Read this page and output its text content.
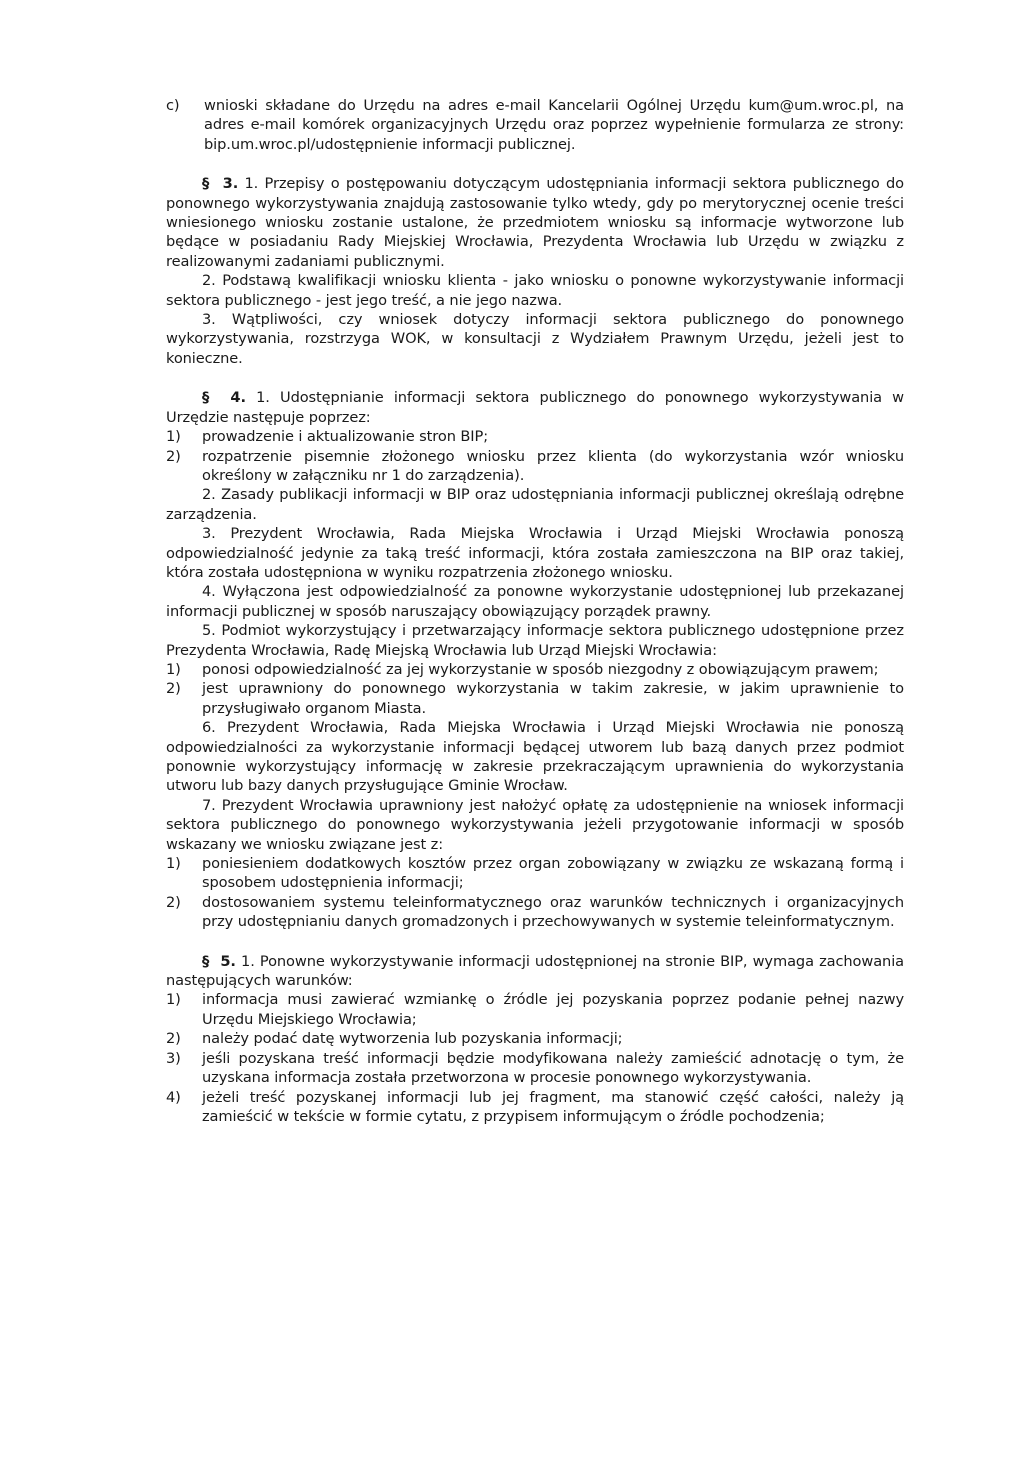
c) wnioski składane do Urzędu na adres e-mail Kancelarii Ogólnej Urzędu kum@um.wroc.pl, na adres e-mail komórek organizacyjnych Urzędu oraz poprzez wypełnienie formularza ze strony: bip.um.wroc.pl/udostępnienie informacji publicznej.

§ 3. 1. Przepisy o postępowaniu dotyczącym udostępniania informacji sektora publicznego do ponownego wykorzystywania znajdują zastosowanie tylko wtedy, gdy po merytorycznej ocenie treści wniesionego wniosku zostanie ustalone, że przedmiotem wniosku są informacje wytworzone lub będące w posiadaniu Rady Miejskiej Wrocławia, Prezydenta Wrocławia lub Urzędu w związku z realizowanymi zadaniami publicznymi.

2. Podstawą kwalifikacji wniosku klienta - jako wniosku o ponowne wykorzystywanie informacji sektora publicznego - jest jego treść, a nie jego nazwa.

3. Wątpliwości, czy wniosek dotyczy informacji sektora publicznego do ponownego wykorzystywania, rozstrzyga WOK, w konsultacji z Wydziałem Prawnym Urzędu, jeżeli jest to konieczne.

§ 4. 1. Udostępnianie informacji sektora publicznego do ponownego wykorzystywania w Urzędzie następuje poprzez:

1) prowadzenie i aktualizowanie stron BIP;
2) rozpatrzenie pisemnie złożonego wniosku przez klienta (do wykorzystania wzór wniosku określony w załączniku nr 1 do zarządzenia).

2. Zasady publikacji informacji w BIP oraz udostępniania informacji publicznej określają odrębne zarządzenia.

3. Prezydent Wrocławia, Rada Miejska Wrocławia i Urząd Miejski Wrocławia ponoszą odpowiedzialność jedynie za taką treść informacji, która została zamieszczona na BIP oraz takiej, która została udostępniona w wyniku rozpatrzenia złożonego wniosku.

4. Wyłączona jest odpowiedzialność za ponowne wykorzystanie udostępnionej lub przekazanej informacji publicznej w sposób naruszający obowiązujący porządek prawny.

5. Podmiot wykorzystujący i przetwarzający informacje sektora publicznego udostępnione przez Prezydenta Wrocławia, Radę Miejską Wrocławia lub Urząd Miejski Wrocławia:

1) ponosi odpowiedzialność za jej wykorzystanie w sposób niezgodny z obowiązującym prawem;
2) jest uprawniony do ponownego wykorzystania w takim zakresie, w jakim uprawnienie to przysługiwało organom Miasta.

6. Prezydent Wrocławia, Rada Miejska Wrocławia i Urząd Miejski Wrocławia nie ponoszą odpowiedzialności za wykorzystanie informacji będącej utworem lub bazą danych przez podmiot ponownie wykorzystujący informację w zakresie przekraczającym uprawnienia do wykorzystania utworu lub bazy danych przysługujące Gminie Wrocław.

7. Prezydent Wrocławia uprawniony jest nałożyć opłatę za udostępnienie na wniosek informacji sektora publicznego do ponownego wykorzystywania jeżeli przygotowanie informacji w sposób wskazany we wniosku związane jest z:

1) poniesieniem dodatkowych kosztów przez organ zobowiązany w związku ze wskazaną formą i sposobem udostępnienia informacji;
2) dostosowaniem systemu teleinformatycznego oraz warunków technicznych i organizacyjnych przy udostępnianiu danych gromadzonych i przechowywanych w systemie teleinformatycznym.

§ 5. 1. Ponowne wykorzystywanie informacji udostępnionej na stronie BIP, wymaga zachowania następujących warunków:

1) informacja musi zawierać wzmiankę o źródle jej pozyskania poprzez podanie pełnej nazwy Urzędu Miejskiego Wrocławia;
2) należy podać datę wytworzenia lub pozyskania informacji;
3) jeśli pozyskana treść informacji będzie modyfikowana należy zamieścić adnotację o tym, że uzyskana informacja została przetworzona w procesie ponownego wykorzystywania.
4) jeżeli treść pozyskanej informacji lub jej fragment, ma stanowić część całości, należy ją zamieścić w tekście w formie cytatu, z przypisem informującym o źródle pochodzenia;
